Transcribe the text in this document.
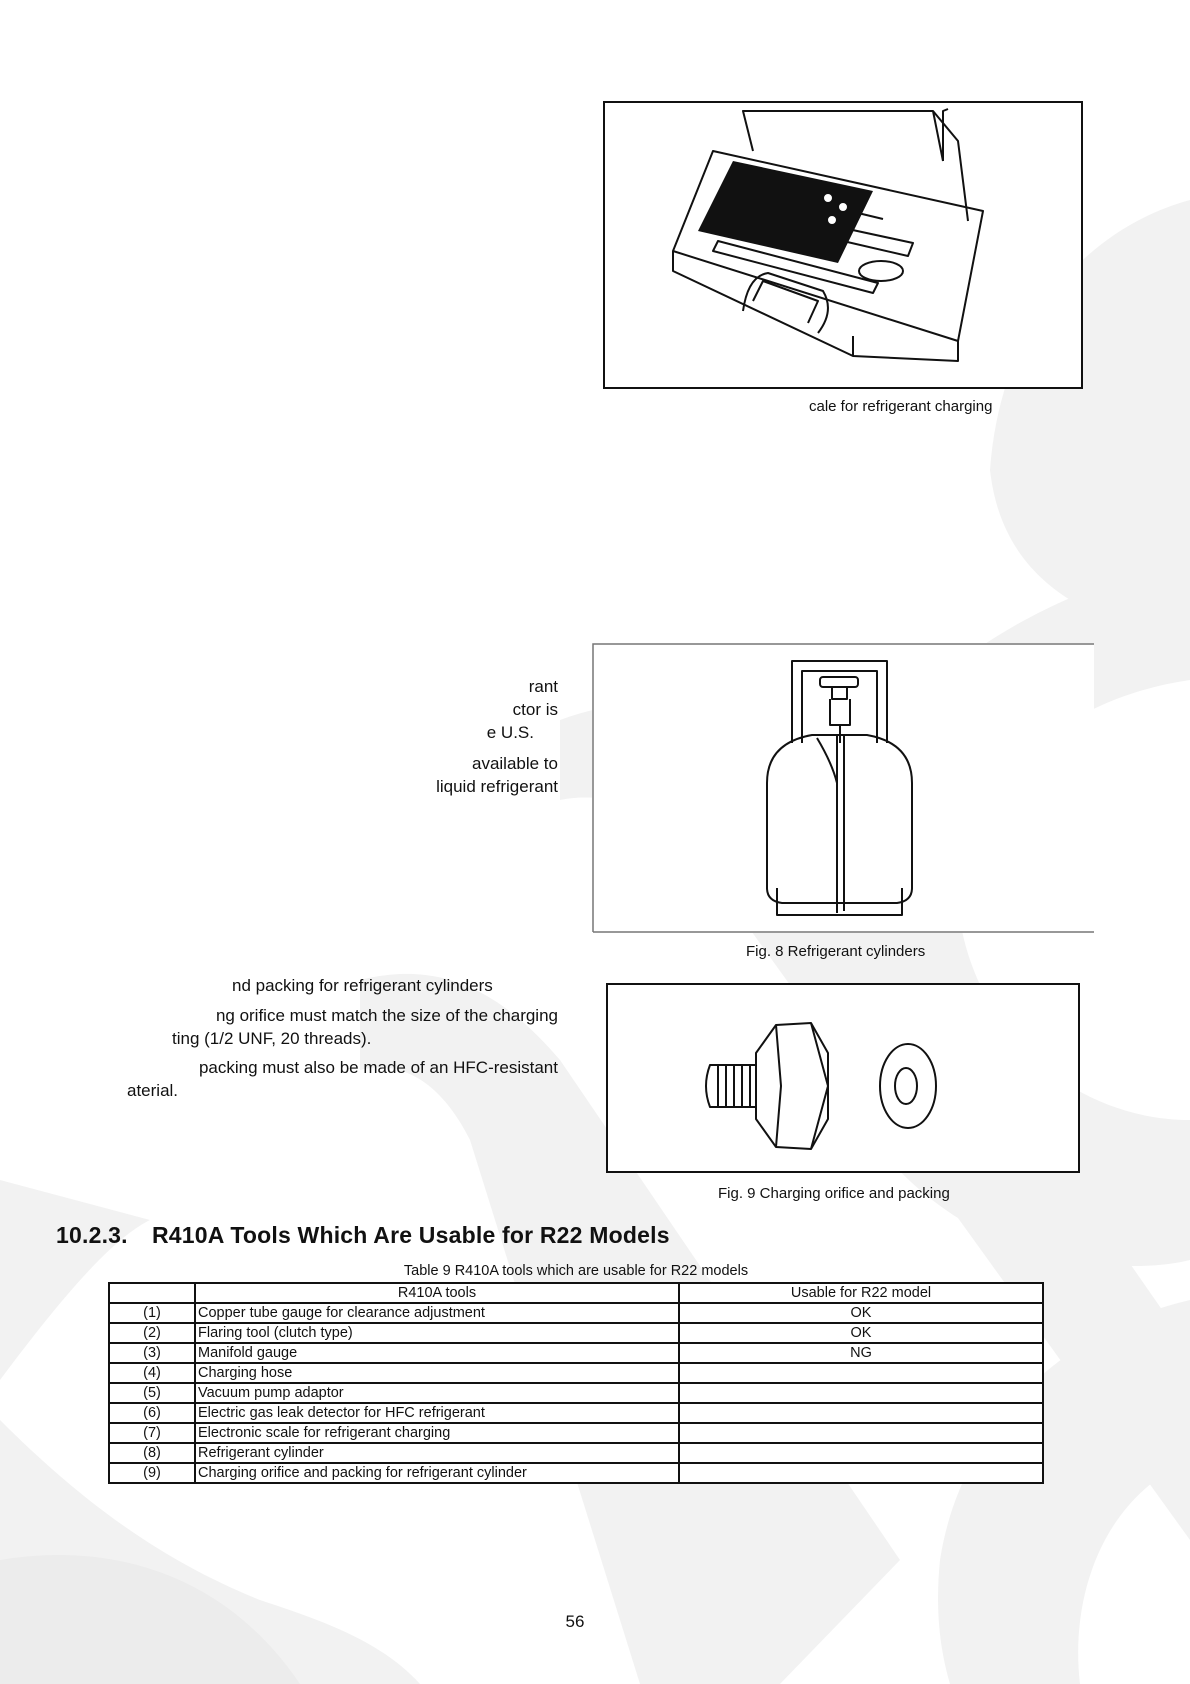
cale for refrigerant charging
rant
ctor is
e U.S.
available to
liquid refrigerant
Fig. 8 Refrigerant cylinders
nd packing for refrigerant cylinders
ng orifice must match the size of the charging
ting (1/2 UNF, 20 threads).
packing must also be made of an HFC-resistant
aterial.
Fig. 9 Charging orifice and packing
10.2.3. R410A Tools Which Are Usable for R22 Models
Table 9 R410A tools which are usable for R22 models
	R410A tools	Usable for R22 model
(1)	Copper tube gauge for clearance adjustment	OK
(2)	Flaring tool (clutch type)	OK
(3)	Manifold gauge	NG
(4)	Charging hose	
(5)	Vacuum pump adaptor	
(6)	Electric gas leak detector for HFC refrigerant	
(7)	Electronic scale for refrigerant charging	
(8)	Refrigerant cylinder	
(9)	Charging orifice and packing for refrigerant cylinder	
56
